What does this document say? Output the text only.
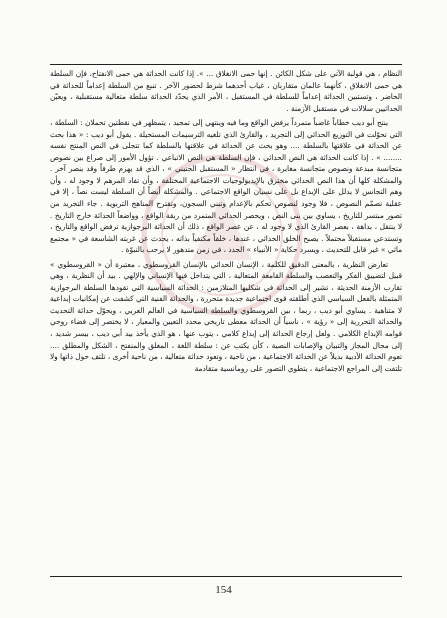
النظام ، هي قولبة الآتي على شكل الكائن . إنها حمى الانغلاق ... ». إذا كانت الحداثة هي حمى الانفتاح، فإن السلطة هي حمى الانغلاق ، كأنهما عالمان متقاربان ، غياب أحدهما شرط لحضور الآخر . تنبع من السلطة إعداماً للحداثة في الحاضر ، وتستبين الحداثة إعداماً للسلطة في المستقبل ، الأمر الذي يحدّد الحداثة سلطة متعالية مستقبلية ، ويعيّن الحداثيين سلالات في مستقبل الأزمنة .

ينتج أبو ديب خطاباً غاضباً متمرداً يرفض الواقع وما فيه وينتهي إلى تمجيد ، يتمظهر في نقطتين تحملان : السلطة ، التي تحوّلت في التوزيع الحداثي إلى التجريد ، والقارئ الذي تلغيه الترسيمات المستحيلة . يقول أبو ديب : « هذا بحث عن الحداثة في علاقتها بالسلطة .... وهو بحث عن الحداثة في علاقتها بالسلطة كما تتجلى في النص المنتج نفسه ........ » . إذا كانت الحداثة هي النص الحداثي ، فإن السلطة هي النص الاتباعي . تؤول الأمور إلى صراع بين نصوص متجانسة مبدعة ونصوص متجانسة مغايرة ، في انتظار « المستقبل الجنيني » ، الذي قد يهزم طرفاً وقد ينصر آخر . والمشكلة كلها أن هذا النص الحداثي مخترق بالإيديولوجيات الاجتماعية المختلفة ، وأن تفاد المرهم لا وجود له ، وأن وهم التجانس لا يدلل على الإبداع بل على نسيان الواقع الاجتماعي . والمشكلة أيضاً أن السلطة ليست نصاً ، إلا في عقلية تصمّم النصوص ، فلا وجود لنصوص تحكم بالإعدام وتبني السجون، وتقترح المناهج التربوية . جاء التجريد من تصور مبتسر للتاريخ ، يساوي بين بنى النص ، ويحصر الحداثي المتمرد من ربقة الواقع ، وواضعاً الحداثة خارج التاريخ . لا ينتقل ، بداهة ، بعصر القارئ الذي لا وجود له ، عن عصر الواقع ، ذلك أن الحداثة البرجوازية ترفض الواقع والتاريخ ، وتستدعي مستقبلاً محتملاً . يصبح الخلق الحداثي ، عندها ، خلقاً مكتفياً بذاته ، يحدث عن غربته الشاسعة في « مجتمع ماثي » غير قابل للتحديث ، ويسرد حكاية « الأنبياء » الجدد ، في زمن متدهور لا يرحب بالنبوّة .

تعارض النظرية ، بالمعنى الدقيق للكلمة ، الإنسان الحداثي بالإنسان القروسطوي ، معتبرة أن « القروسطوي » قبيل لتضييق الفكر والتعصب والسلطة القامعة المتعالية ، التي يتداخل فيها الإنساني والإلهي . بيد أن النظرية ، وهي تقارب الأزمنة الحديثة ، تشير إلى الحداثة في شكليها المتلازمين : الحداثة السياسية التي تقودها السلطة البرجوازية المتمثلة بالفعل السياسي الذي أطلقته قوى اجتماعية جديدة متحررة ، والحداثة الفنية التي كشفت عن إمكانيات إبداعية لا متناهية . يساوي أبو ديب ، ربما ، بين القروسطوي والسلطة السياسية في العالم العربي ، ويحوّل حداثة التحديث والحداثة التحررية إلى « رؤية » ، ناسياً أن الحداثة معطى تاريخي محدد التعيين والمعيار ، لا يختصر إلى فضاء روحي قوامه الإبداع الكلامي . ولعل إرجاع الحداثة إلى إبداع كلامي ، يتوب عنها ، هو الذي يأخذ بيد أبي ديب ، بيسر شديد ، إلى مجال المجاز والتبيان والإصابات النصية ، كأن يكتب عن : سلطة اللغة ، المغلق والمنفتح ، الشكل والمطلق .... تعوم الحداثة الأدبية بديلاً عن الحداثة الاجتماعية ، من ناحية ، وتعود حداثة متعالية ، من ناحية أخرى ، تلتف حول ذاتها ولا تلتفت إلى المراجع الاجتماعية ، يتطوي التصور على رومانسية متقادمة

154
